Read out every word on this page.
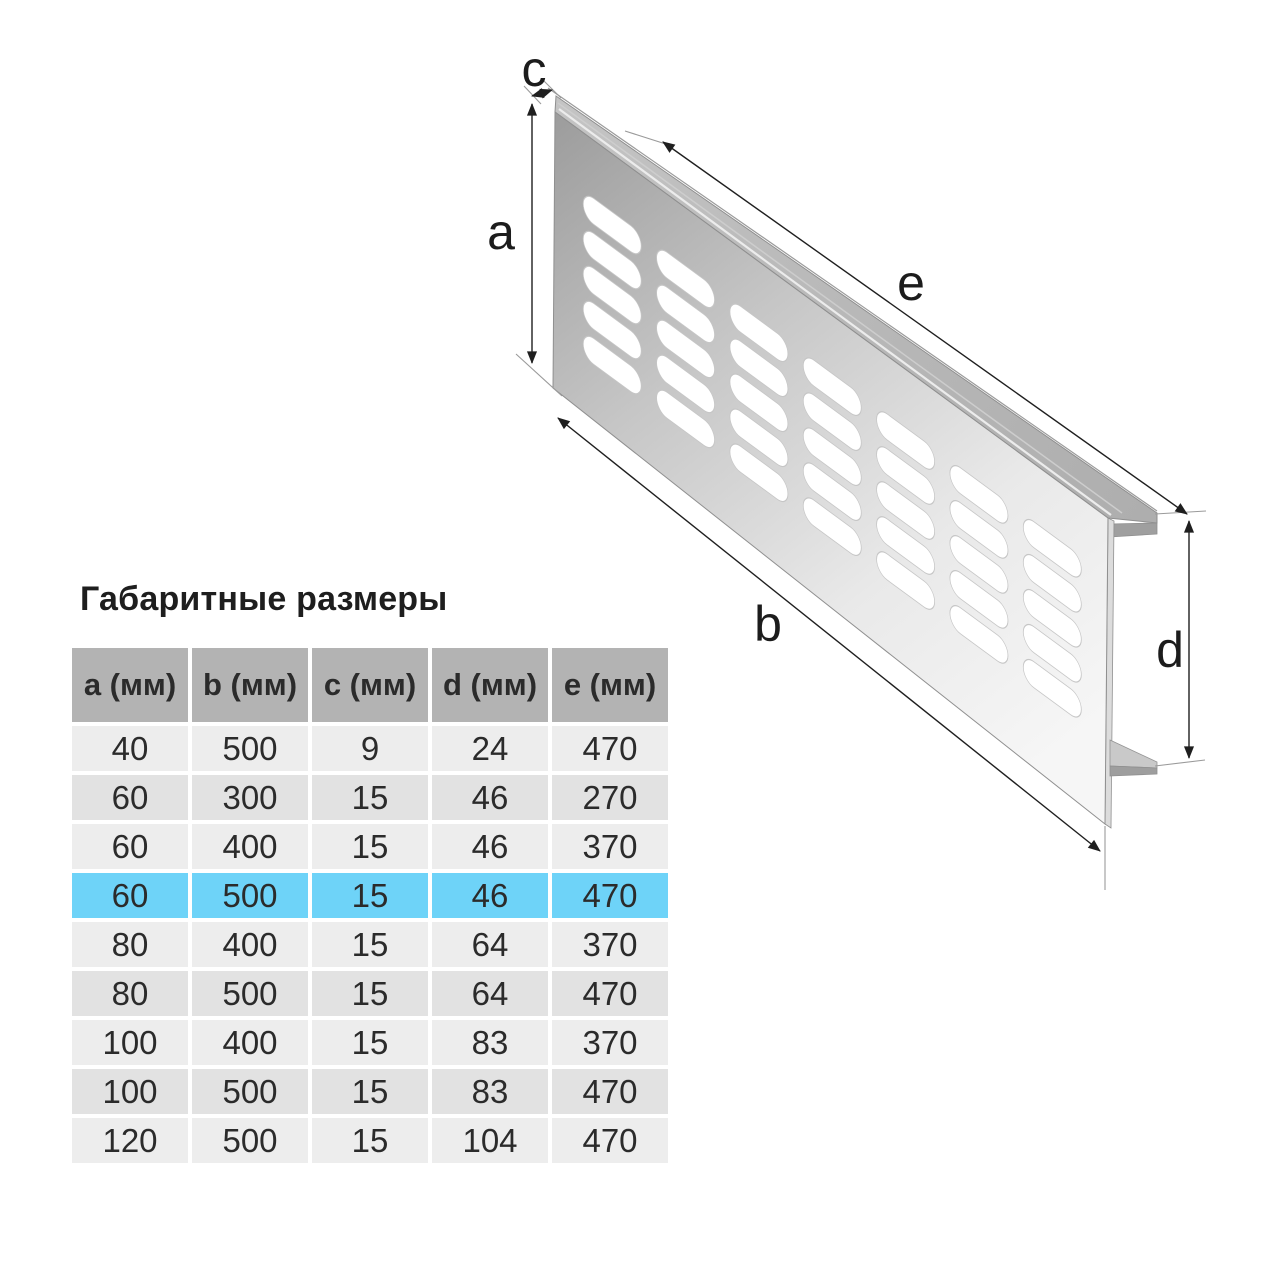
a
b
c
d
e
Габаритные размеры
a (мм) b (мм) c (мм) d (мм) e (мм)
40	500	9	24	470
60	300	15	46	270
60	400	15	46	370
60	500	15	46	470
80	400	15	64	370
80	500	15	64	470
100	400	15	83	370
100	500	15	83	470
120	500	15	104	470
